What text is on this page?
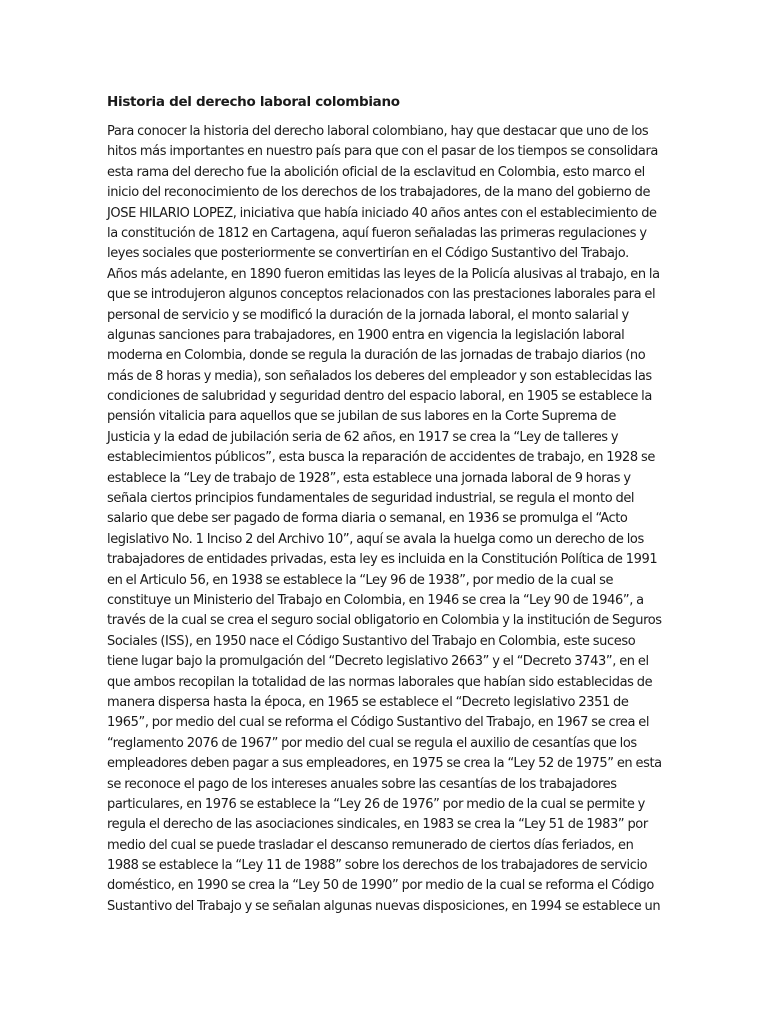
Historia del derecho laboral colombiano
Para conocer la historia del derecho laboral colombiano, hay que destacar que uno de los
hitos más importantes en nuestro país para que con el pasar de los tiempos se consolidara
esta rama del derecho fue la abolición oficial de la esclavitud en Colombia, esto marco el
inicio del reconocimiento de los derechos de los trabajadores, de la mano del gobierno de
JOSE HILARIO LOPEZ, iniciativa que había iniciado 40 años antes con el establecimiento de
la constitución de 1812 en Cartagena, aquí fueron señaladas las primeras regulaciones y
leyes sociales que posteriormente se convertirían en el Código Sustantivo del Trabajo.
Años más adelante, en 1890 fueron emitidas las leyes de la Policía alusivas al trabajo, en la
que se introdujeron algunos conceptos relacionados con las prestaciones laborales para el
personal de servicio y se modificó la duración de la jornada laboral, el monto salarial y
algunas sanciones para trabajadores, en 1900 entra en vigencia la legislación laboral
moderna en Colombia, donde se regula la duración de las jornadas de trabajo diarios (no
más de 8 horas y media), son señalados los deberes del empleador y son establecidas las
condiciones de salubridad y seguridad dentro del espacio laboral, en 1905 se establece la
pensión vitalicia para aquellos que se jubilan de sus labores en la Corte Suprema de
Justicia y la edad de jubilación seria de 62 años, en 1917 se crea la “Ley de talleres y
establecimientos públicos”, esta busca la reparación de accidentes de trabajo, en 1928 se
establece la “Ley de trabajo de 1928”, esta establece una jornada laboral de 9 horas y
señala ciertos principios fundamentales de seguridad industrial, se regula el monto del
salario que debe ser pagado de forma diaria o semanal, en 1936 se promulga el “Acto
legislativo No. 1 Inciso 2 del Archivo 10”, aquí se avala la huelga como un derecho de los
trabajadores de entidades privadas, esta ley es incluida en la Constitución Política de 1991
en el Articulo 56, en 1938 se establece la “Ley 96 de 1938”, por medio de la cual se
constituye un Ministerio del Trabajo en Colombia, en 1946 se crea la “Ley 90 de 1946”, a
través de la cual se crea el seguro social obligatorio en Colombia y la institución de Seguros
Sociales (ISS), en 1950 nace el Código Sustantivo del Trabajo en Colombia, este suceso
tiene lugar bajo la promulgación del “Decreto legislativo 2663” y el “Decreto 3743”, en el
que ambos recopilan la totalidad de las normas laborales que habían sido establecidas de
manera dispersa hasta la época, en 1965 se establece el “Decreto legislativo 2351 de
1965”, por medio del cual se reforma el Código Sustantivo del Trabajo, en 1967 se crea el
“reglamento 2076 de 1967” por medio del cual se regula el auxilio de cesantías que los
empleadores deben pagar a sus empleadores, en 1975 se crea la “Ley 52 de 1975” en esta
se reconoce el pago de los intereses anuales sobre las cesantías de los trabajadores
particulares, en 1976 se establece la “Ley 26 de 1976” por medio de la cual se permite y
regula el derecho de las asociaciones sindicales, en 1983 se crea la “Ley 51 de 1983” por
medio del cual se puede trasladar el descanso remunerado de ciertos días feriados, en
1988 se establece la “Ley 11 de 1988” sobre los derechos de los trabajadores de servicio
doméstico, en 1990 se crea la “Ley 50 de 1990” por medio de la cual se reforma el Código
Sustantivo del Trabajo y se señalan algunas nuevas disposiciones, en 1994 se establece un
